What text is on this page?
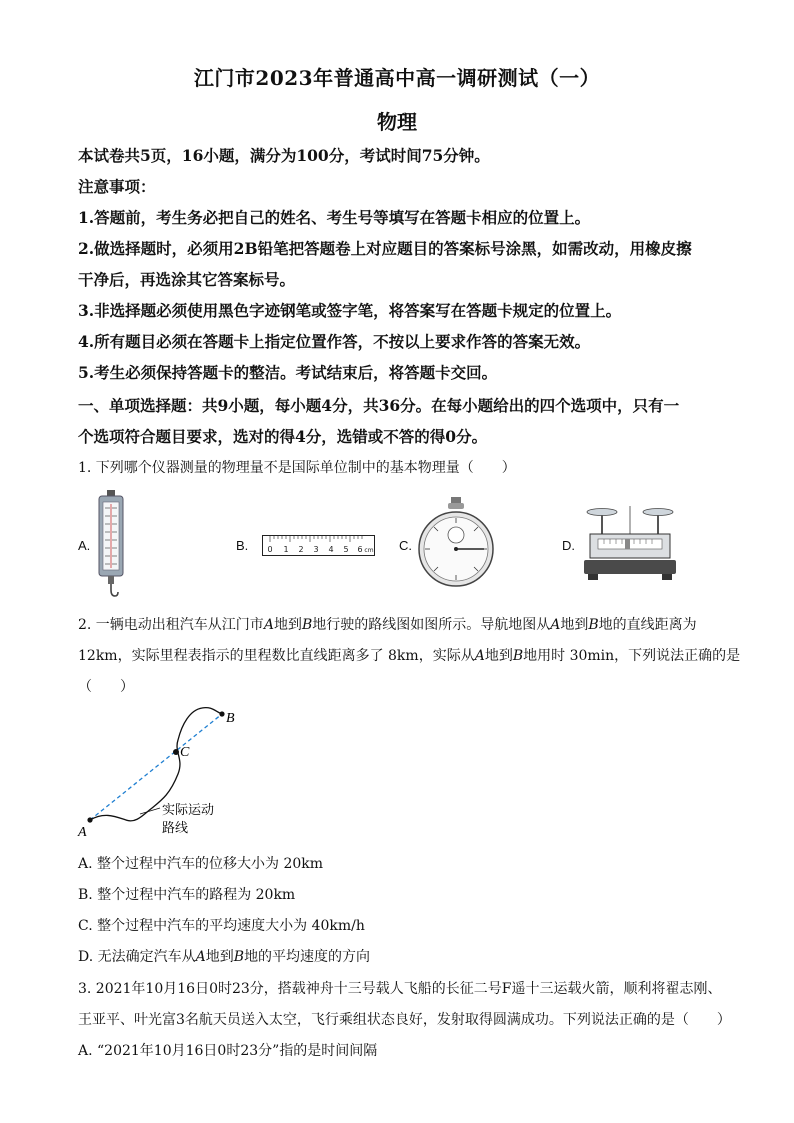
江门市2023年普通高中高一调研测试（一）
物理
本试卷共5页，16小题，满分为100分，考试时间75分钟。
注意事项：
1.答题前，考生务必把自己的姓名、考生号等填写在答题卡相应的位置上。
2.做选择题时，必须用2B铅笔把答题卷上对应题目的答案标号涂黑，如需改动，用橡皮擦
干净后，再选涂其它答案标号。
3.非选择题必须使用黑色字迹钢笔或签字笔，将答案写在答题卡规定的位置上。
4.所有题目必须在答题卡上指定位置作答，不按以上要求作答的答案无效。
5.考生必须保持答题卡的整洁。考试结束后，将答题卡交回。
一、单项选择题：共9小题，每小题4分，共36分。在每小题给出的四个选项中，只有一
个选项符合题目要求，选对的得4分，选错或不答的得0分。
1. 下列哪个仪器测量的物理量不是国际单位制中的基本物理量（　　）
A.	B. 0 1 2 3 4 5 6 cm C.	D.
2. 一辆电动出租汽车从江门市A地到B地行驶的路线图如图所示。导航地图从A地到B地的直线距离为
12km，实际里程表指示的里程数比直线距离多了 8km，实际从A地到B地用时 30min，下列说法正确的是
（　　）
A
B
C
实际运动
路线
A. 整个过程中汽车的位移大小为 20km
B. 整个过程中汽车的路程为 20km
C. 整个过程中汽车的平均速度大小为 40km/h
D. 无法确定汽车从A地到B地的平均速度的方向
3. 2021年10月16日0时23分，搭载神舟十三号载人飞船的长征二号F遥十三运载火箭，顺利将翟志刚、
王亚平、叶光富3名航天员送入太空，飞行乘组状态良好，发射取得圆满成功。下列说法正确的是（　　）
A. “2021年10月16日0时23分”指的是时间间隔
